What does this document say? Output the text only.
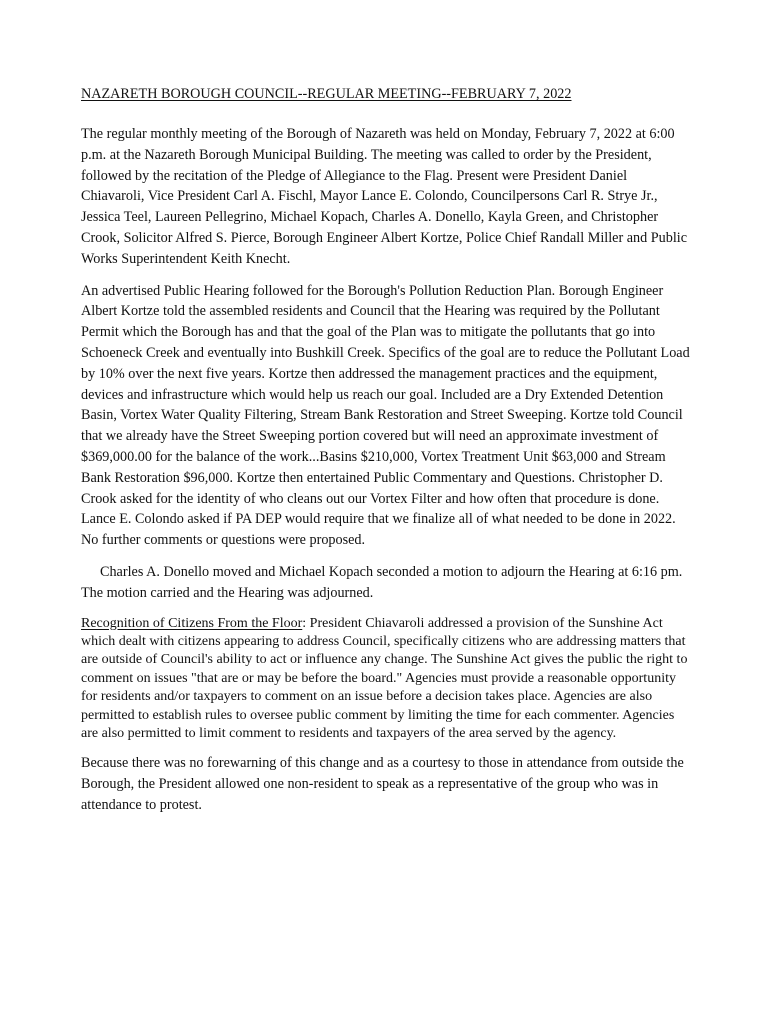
NAZARETH BOROUGH COUNCIL--REGULAR MEETING--FEBRUARY 7, 2022

The regular monthly meeting of the Borough of Nazareth was held on Monday, February 7, 2022 at 6:00 p.m. at the Nazareth Borough Municipal Building. The meeting was called to order by the President, followed by the recitation of the Pledge of Allegiance to the Flag. Present were President Daniel Chiavaroli, Vice President Carl A. Fischl, Mayor Lance E. Colondo, Councilpersons Carl R. Strye Jr., Jessica Teel, Laureen Pellegrino, Michael Kopach, Charles A. Donello, Kayla Green, and Christopher Crook, Solicitor Alfred S. Pierce, Borough Engineer Albert Kortze, Police Chief Randall Miller and Public Works Superintendent Keith Knecht.

An advertised Public Hearing followed for the Borough's Pollution Reduction Plan. Borough Engineer Albert Kortze told the assembled residents and Council that the Hearing was required by the Pollutant Permit which the Borough has and that the goal of the Plan was to mitigate the pollutants that go into Schoeneck Creek and eventually into Bushkill Creek. Specifics of the goal are to reduce the Pollutant Load by 10% over the next five years. Kortze then addressed the management practices and the equipment, devices and infrastructure which would help us reach our goal. Included are a Dry Extended Detention Basin, Vortex Water Quality Filtering, Stream Bank Restoration and Street Sweeping. Kortze told Council that we already have the Street Sweeping portion covered but will need an approximate investment of $369,000.00 for the balance of the work...Basins $210,000, Vortex Treatment Unit $63,000 and Stream Bank Restoration $96,000. Kortze then entertained Public Commentary and Questions. Christopher D. Crook asked for the identity of who cleans out our Vortex Filter and how often that procedure is done. Lance E. Colondo asked if PA DEP would require that we finalize all of what needed to be done in 2022. No further comments or questions were proposed.

Charles A. Donello moved and Michael Kopach seconded a motion to adjourn the Hearing at 6:16 pm. The motion carried and the Hearing was adjourned.

Recognition of Citizens From the Floor: President Chiavaroli addressed a provision of the Sunshine Act which dealt with citizens appearing to address Council, specifically citizens who are addressing matters that are outside of Council's ability to act or influence any change. The Sunshine Act gives the public the right to comment on issues "that are or may be before the board." Agencies must provide a reasonable opportunity for residents and/or taxpayers to comment on an issue before a decision takes place. Agencies are also permitted to establish rules to oversee public comment by limiting the time for each commenter. Agencies are also permitted to limit comment to residents and taxpayers of the area served by the agency.

Because there was no forewarning of this change and as a courtesy to those in attendance from outside the Borough, the President allowed one non-resident to speak as a representative of the group who was in attendance to protest.
